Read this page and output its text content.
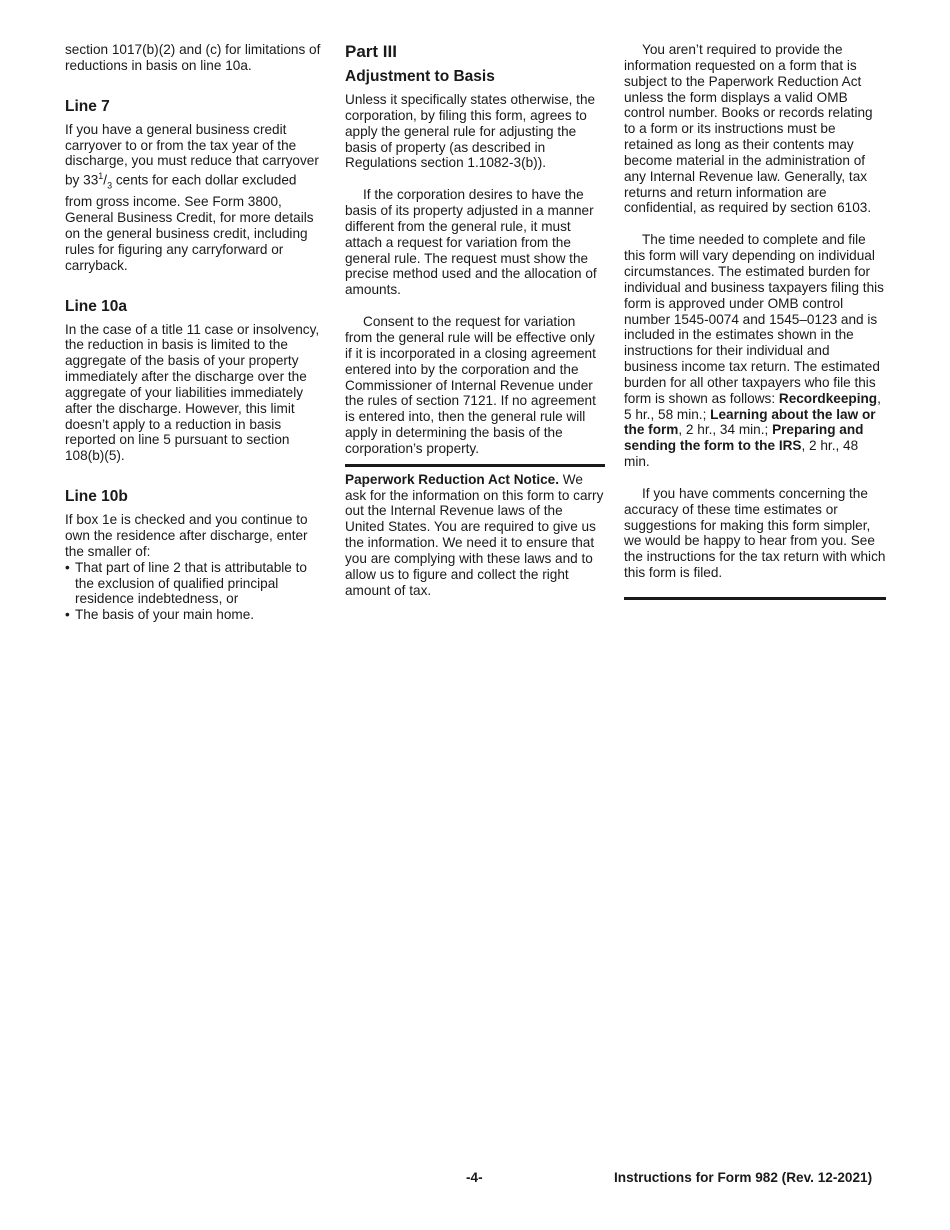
section 1017(b)(2) and (c) for limitations of reductions in basis on line 10a.

Line 7

If you have a general business credit carryover to or from the tax year of the discharge, you must reduce that carryover by $33^1/_3$ cents for each dollar excluded from gross income. See Form 3800, General Business Credit, for more details on the general business credit, including rules for figuring any carryforward or carryback.

Line 10a

In the case of a title 11 case or insolvency, the reduction in basis is limited to the aggregate of the basis of your property immediately after the discharge over the aggregate of your liabilities immediately after the discharge. However, this limit doesn’t apply to a reduction in basis reported on line 5 pursuant to section 108(b)(5).

Line 10b

If box 1e is checked and you continue to own the residence after discharge, enter the smaller of:

• That part of line 2 that is attributable to the exclusion of qualified principal residence indebtedness, or
• The basis of your main home.
Part III
Adjustment to Basis

Unless it specifically states otherwise, the corporation, by filing this form, agrees to apply the general rule for adjusting the basis of property (as described in Regulations section 1.1082-3(b)).

If the corporation desires to have the basis of its property adjusted in a manner different from the general rule, it must attach a request for variation from the general rule. The request must show the precise method used and the allocation of amounts.

Consent to the request for variation from the general rule will be effective only if it is incorporated in a closing agreement entered into by the corporation and the Commissioner of Internal Revenue under the rules of section 7121. If no agreement is entered into, then the general rule will apply in determining the basis of the corporation’s property.

Paperwork Reduction Act Notice. We ask for the information on this form to carry out the Internal Revenue laws of the United States. You are required to give us the information. We need it to ensure that you are complying with these laws and to allow us to figure and collect the right amount of tax.

You aren’t required to provide the information requested on a form that is subject to the Paperwork Reduction Act unless the form displays a valid OMB control number. Books or records relating to a form or its instructions must be retained as long as their contents may become material in the administration of any Internal Revenue law. Generally, tax returns and return information are confidential, as required by section 6103.

The time needed to complete and file this form will vary depending on individual circumstances. The estimated burden for individual and business taxpayers filing this form is approved under OMB control number 1545-0074 and 1545–0123 and is included in the estimates shown in the instructions for their individual and business income tax return. The estimated burden for all other taxpayers who file this form is shown as follows: Recordkeeping, 5 hr., 58 min.; Learning about the law or the form, 2 hr., 34 min.; Preparing and sending the form to the IRS, 2 hr., 48 min.

If you have comments concerning the accuracy of these time estimates or suggestions for making this form simpler, we would be happy to hear from you. See the instructions for the tax return with which this form is filed.

-4-	Instructions for Form 982 (Rev. 12-2021)
